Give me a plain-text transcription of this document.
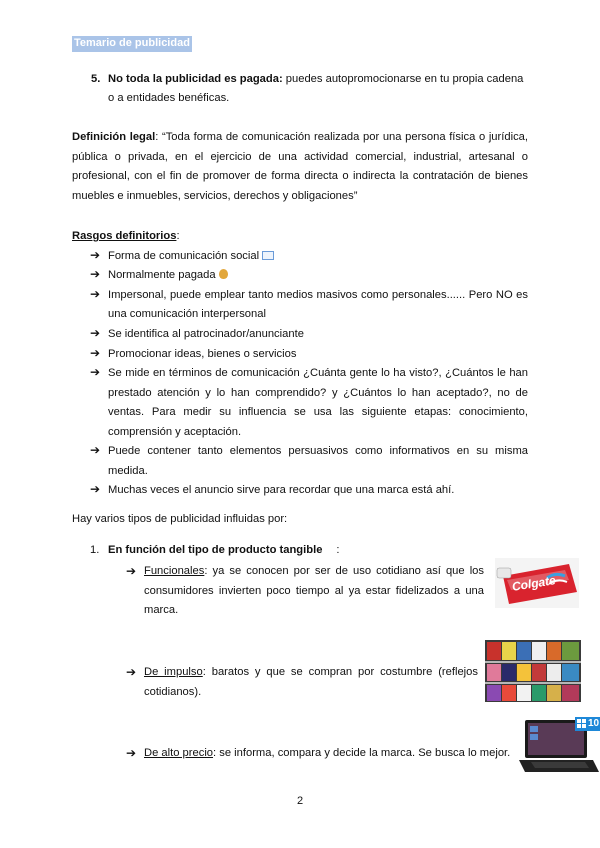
Temario de publicidad
5. No toda la publicidad es pagada: puedes autopromocionarse en tu propia cadena
o a entidades benéficas.
Definición legal: “Toda forma de comunicación realizada por una persona física o jurídica,
pública o privada, en el ejercicio de una actividad comercial, industrial, artesanal o
profesional, con el fin de promover de forma directa o indirecta la contratación de bienes
muebles e inmuebles, servicios, derechos y obligaciones”
Rasgos definitorios:
➔ Forma de comunicación social
➔ Normalmente pagada
➔ Impersonal, puede emplear tanto medios masivos como personales...... Pero NO es
una comunicación interpersonal
➔ Se identifica al patrocinador/anunciante
➔ Promocionar ideas, bienes o servicios
➔ Se mide en términos de comunicación ¿Cuánta gente lo ha visto?, ¿Cuántos le han
prestado atención y lo han comprendido? y ¿Cuántos lo han aceptado?, no de
ventas. Para medir su influencia se usa las siguiente etapas: conocimiento,
comprensión y aceptación.
➔ Puede contener tanto elementos persuasivos como informativos en su misma
medida.
➔ Muchas veces el anuncio sirve para recordar que una marca está ahí.
Hay varios tipos de publicidad influidas por:
1. En función del tipo de producto tangible :
➔ Funcionales: ya se conocen por ser de uso cotidiano así que los
consumidores invierten poco tiempo al ya estar fidelizados a una
marca.
Colgate
➔ De impulso: baratos y que se compran por costumbre (reflejos
cotidianos).
➔ De alto precio: se informa, compara y decide la marca. Se busca lo mejor.
10
2
